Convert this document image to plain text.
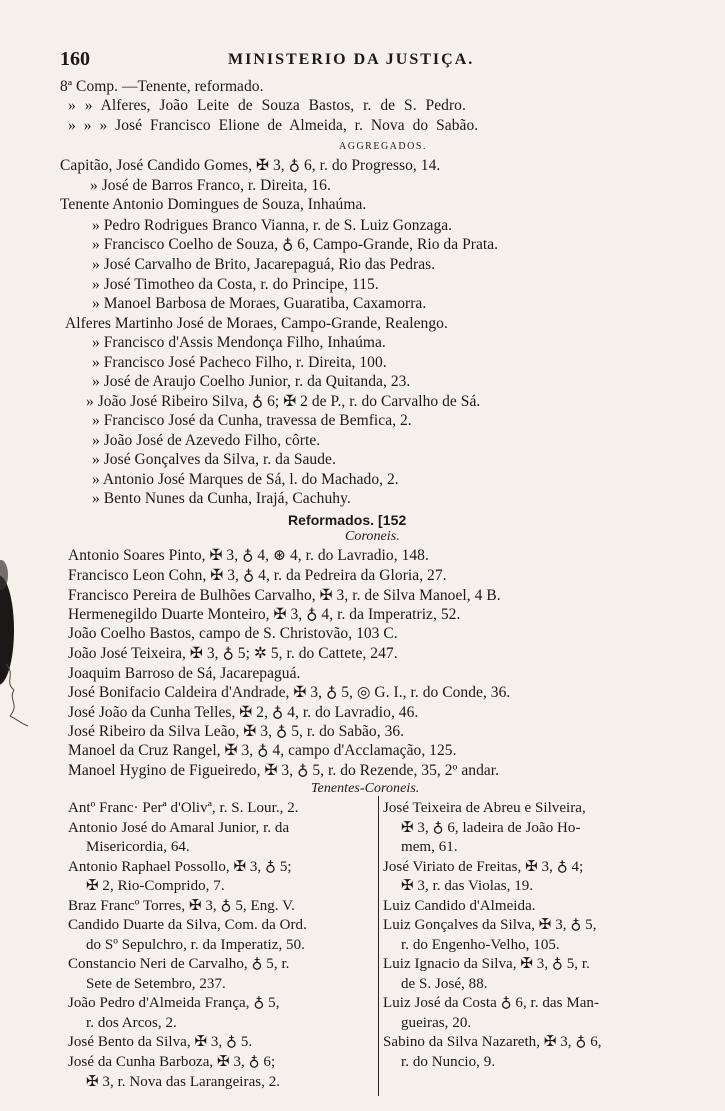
160	MINISTERIO DA JUSTIÇA.
8ª Comp. —Tenente, reformado.
» » Alferes, João Leite de Souza Bastos, r. de S. Pedro.
» » » José Francisco Elione de Almeida, r. Nova do Sabão.
AGGREGADOS.
Capitão, José Candido Gomes, ✠ 3, ♁ 6, r. do Progresso, 14.
» José de Barros Franco, r. Direita, 16.
Tenente Antonio Domingues de Souza, Inhaúma.
» Pedro Rodrigues Branco Vianna, r. de S. Luiz Gonzaga.
» Francisco Coelho de Souza, ♁ 6, Campo-Grande, Rio da Prata.
» José Carvalho de Brito, Jacarepaguá, Rio das Pedras.
» José Timotheo da Costa, r. do Principe, 115.
» Manoel Barbosa de Moraes, Guaratiba, Caxamorra.
Alferes Martinho José de Moraes, Campo-Grande, Realengo.
» Francisco d'Assis Mendonça Filho, Inhaúma.
» Francisco José Pacheco Filho, r. Direita, 100.
» José de Araujo Coelho Junior, r. da Quitanda, 23.
» João José Ribeiro Silva, ♁ 6; ✠ 2 de P., r. do Carvalho de Sá.
» Francisco José da Cunha, travessa de Bemfica, 2.
» João José de Azevedo Filho, côrte.
» José Gonçalves da Silva, r. da Saude.
» Antonio José Marques de Sá, l. do Machado, 2.
» Bento Nunes da Cunha, Irajá, Cachuhy.
Reformados. [152
Coroneis.
Antonio Soares Pinto, ✠ 3, ♁ 4, ⊛ 4, r. do Lavradio, 148.
Francisco Leon Cohn, ✠ 3, ♁ 4, r. da Pedreira da Gloria, 27.
Francisco Pereira de Bulhões Carvalho, ✠ 3, r. de Silva Manoel, 4 B.
Hermenegildo Duarte Monteiro, ✠ 3, ♁ 4, r. da Imperatriz, 52.
João Coelho Bastos, campo de S. Christovão, 103 C.
João José Teixeira, ✠ 3, ♁ 5; ✲ 5, r. do Cattete, 247.
Joaquim Barroso de Sá, Jacarepaguá.
José Bonifacio Caldeira d'Andrade, ✠ 3, ♁ 5, ◎ G. I., r. do Conde, 36.
José João da Cunha Telles, ✠ 2, ♁ 4, r. do Lavradio, 46.
José Ribeiro da Silva Leão, ✠ 3, ♁ 5, r. do Sabão, 36.
Manoel da Cruz Rangel, ✠ 3, ♁ 4, campo d'Acclamação, 125.
Manoel Hygino de Figueiredo, ✠ 3, ♁ 5, r. do Rezende, 35, 2º andar.
Tenentes-Coroneis.
Antº Franc· Perª d'Olivª, r. S. Lour., 2.
Antonio José do Amaral Junior, r. da
Misericordia, 64.
Antonio Raphael Possollo, ✠ 3, ♁ 5;
✠ 2, Rio-Comprido, 7.
Braz Francº Torres, ✠ 3, ♁ 5, Eng. V.
Candido Duarte da Silva, Com. da Ord.
do Sº Sepulchro, r. da Imperatiz, 50.
Constancio Neri de Carvalho, ♁ 5, r.
Sete de Setembro, 237.
João Pedro d'Almeida França, ♁ 5,
r. dos Arcos, 2.
José Bento da Silva, ✠ 3, ♁ 5.
José da Cunha Barboza, ✠ 3, ♁ 6;
✠ 3, r. Nova das Larangeiras, 2.
José Teixeira de Abreu e Silveira,
✠ 3, ♁ 6, ladeira de João Ho-
mem, 61.
José Viriato de Freitas, ✠ 3, ♁ 4;
✠ 3, r. das Violas, 19.
Luiz Candido d'Almeida.
Luiz Gonçalves da Silva, ✠ 3, ♁ 5,
r. do Engenho-Velho, 105.
Luiz Ignacio da Silva, ✠ 3, ♁ 5, r.
de S. José, 88.
Luiz José da Costa ♁ 6, r. das Man-
gueiras, 20.
Sabino da Silva Nazareth, ✠ 3, ♁ 6,
r. do Nuncio, 9.
